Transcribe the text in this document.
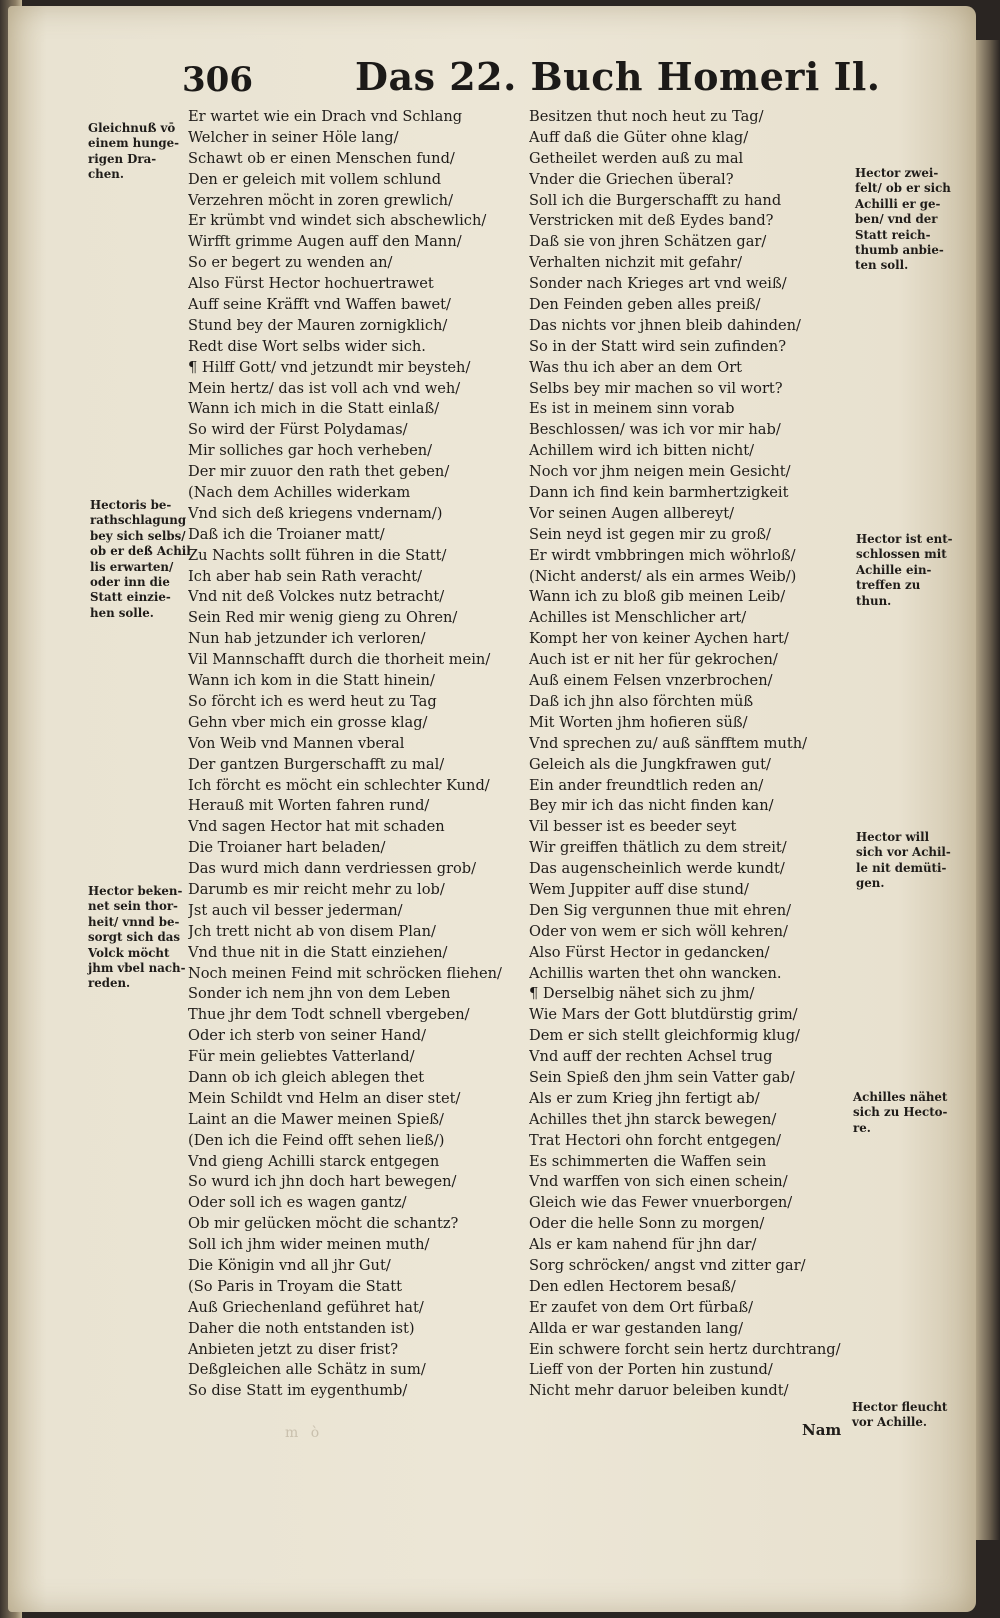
306	Das 22. Buch Homeri Il.
Er wartet wie ein Drach vnd Schlang
Welcher in seiner Höle lang/
Schawt ob er einen Menschen fund/
Den er geleich mit vollem schlund
Verzehren möcht in zoren grewlich/
Er krümbt vnd windet sich abschewlich/
Wirfft grimme Augen auff den Mann/
So er begert zu wenden an/
Also Fürst Hector hochuertrawet
Auff seine Kräfft vnd Waffen bawet/
Stund bey der Mauren zornigklich/
Redt dise Wort selbs wider sich.
¶ Hilff Gott/ vnd jetzundt mir beysteh/
Mein hertz/ das ist voll ach vnd weh/
Wann ich mich in die Statt einlaß/
So wird der Fürst Polydamas/
Mir solliches gar hoch verheben/
Der mir zuuor den rath thet geben/
(Nach dem Achilles widerkam
Vnd sich deß kriegens vndernam/)
Daß ich die Troianer matt/
Zu Nachts sollt führen in die Statt/
Ich aber hab sein Rath veracht/
Vnd nit deß Volckes nutz betracht/
Sein Red mir wenig gieng zu Ohren/
Nun hab jetzunder ich verloren/
Vil Mannschafft durch die thorheit mein/
Wann ich kom in die Statt hinein/
So förcht ich es werd heut zu Tag
Gehn vber mich ein grosse klag/
Von Weib vnd Mannen vberal
Der gantzen Burgerschafft zu mal/
Ich förcht es möcht ein schlechter Kund/
Herauß mit Worten fahren rund/
Vnd sagen Hector hat mit schaden
Die Troianer hart beladen/
Das wurd mich dann verdriessen grob/
Darumb es mir reicht mehr zu lob/
Jst auch vil besser jederman/
Jch trett nicht ab von disem Plan/
Vnd thue nit in die Statt einziehen/
Noch meinen Feind mit schröcken fliehen/
Sonder ich nem jhn von dem Leben
Thue jhr dem Todt schnell vbergeben/
Oder ich sterb von seiner Hand/
Für mein geliebtes Vatterland/
Dann ob ich gleich ablegen thet
Mein Schildt vnd Helm an diser stet/
Laint an die Mawer meinen Spieß/
(Den ich die Feind offt sehen ließ/)
Vnd gieng Achilli starck entgegen
So wurd ich jhn doch hart bewegen/
Oder soll ich es wagen gantz/
Ob mir gelücken möcht die schantz?
Soll ich jhm wider meinen muth/
Die Königin vnd all jhr Gut/
(So Paris in Troyam die Statt
Auß Griechenland geführet hat/
Daher die noth entstanden ist)
Anbieten jetzt zu diser frist?
Deßgleichen alle Schätz in sum/
So dise Statt im eygenthumb/
Besitzen thut noch heut zu Tag/
Auff daß die Güter ohne klag/
Getheilet werden auß zu mal
Vnder die Griechen überal?
Soll ich die Burgerschafft zu hand
Verstricken mit deß Eydes band?
Daß sie von jhren Schätzen gar/
Verhalten nichzit mit gefahr/
Sonder nach Krieges art vnd weiß/
Den Feinden geben alles preiß/
Das nichts vor jhnen bleib dahinden/
So in der Statt wird sein zufinden?
Was thu ich aber an dem Ort
Selbs bey mir machen so vil wort?
Es ist in meinem sinn vorab
Beschlossen/ was ich vor mir hab/
Achillem wird ich bitten nicht/
Noch vor jhm neigen mein Gesicht/
Dann ich find kein barmhertzigkeit
Vor seinen Augen allbereyt/
Sein neyd ist gegen mir zu groß/
Er wirdt vmbbringen mich wöhrloß/
(Nicht anderst/ als ein armes Weib/)
Wann ich zu bloß gib meinen Leib/
Achilles ist Menschlicher art/
Kompt her von keiner Aychen hart/
Auch ist er nit her für gekrochen/
Auß einem Felsen vnzerbrochen/
Daß ich jhn also förchten müß
Mit Worten jhm hofieren süß/
Vnd sprechen zu/ auß sänfftem muth/
Geleich als die Jungkfrawen gut/
Ein ander freundtlich reden an/
Bey mir ich das nicht finden kan/
Vil besser ist es beeder seyt
Wir greiffen thätlich zu dem streit/
Das augenscheinlich werde kundt/
Wem Juppiter auff dise stund/
Den Sig vergunnen thue mit ehren/
Oder von wem er sich wöll kehren/
Also Fürst Hector in gedancken/
Achillis warten thet ohn wancken.
¶ Derselbig nähet sich zu jhm/
Wie Mars der Gott blutdürstig grim/
Dem er sich stellt gleichformig klug/
Vnd auff der rechten Achsel trug
Sein Spieß den jhm sein Vatter gab/
Als er zum Krieg jhn fertigt ab/
Achilles thet jhn starck bewegen/
Trat Hectori ohn forcht entgegen/
Es schimmerten die Waffen sein
Vnd warffen von sich einen schein/
Gleich wie das Fewer vnuerborgen/
Oder die helle Sonn zu morgen/
Als er kam nahend für jhn dar/
Sorg schröcken/ angst vnd zitter gar/
Den edlen Hectorem besaß/
Er zaufet von dem Ort fürbaß/
Allda er war gestanden lang/
Ein schwere forcht sein hertz durchtrang/
Lieff von der Porten hin zustund/
Nicht mehr daruor beleiben kundt/

Gleichnuß vō
einem hunge-
rigen Dra-
chen.

Hectoris be-
rathschlagung
bey sich selbs/
ob er deß Achil
lis erwarten/
oder inn die
Statt einzie-
hen solle.

Hector beken-
net sein thor-
heit/ vnnd be-
sorgt sich das
Volck möcht
jhm vbel nach-
reden.

Hector zwei-
felt/ ob er sich
Achilli er ge-
ben/ vnd der
Statt reich-
thumb anbie-
ten soll.

Hector ist ent-
schlossen mit
Achille ein-
treffen zu
thun.

Hector will
sich vor Achil-
le nit demüti-
gen.

Achilles nähet
sich zu Hecto-
re.

Hector fleucht
vor Achille.

m ò	Nam
